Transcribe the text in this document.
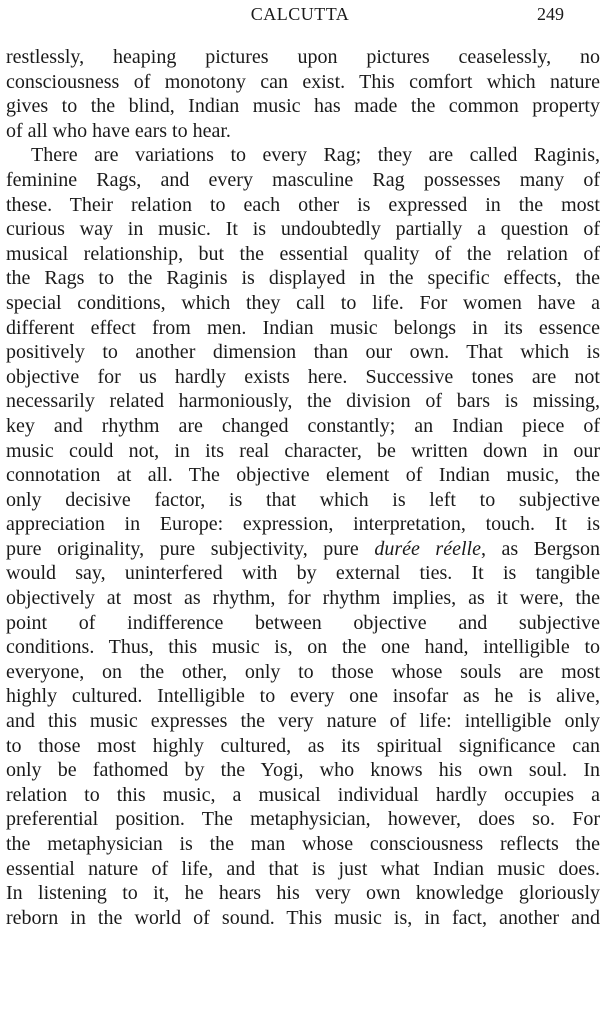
CALCUTTA	249
restlessly, heaping pictures upon pictures ceaselessly, no
consciousness of monotony can exist. This comfort which nature
gives to the blind, Indian music has made the common property
of all who have ears to hear.
There are variations to every Rag; they are called Raginis,
feminine Rags, and every masculine Rag possesses many of
these. Their relation to each other is expressed in the most
curious way in music. It is undoubtedly partially a question of
musical relationship, but the essential quality of the relation of
the Rags to the Raginis is displayed in the specific effects, the
special conditions, which they call to life. For women have a
different effect from men. Indian music belongs in its essence
positively to another dimension than our own. That which is
objective for us hardly exists here. Successive tones are not
necessarily related harmoniously, the division of bars is missing,
key and rhythm are changed constantly; an Indian piece of
music could not, in its real character, be written down in our
connotation at all. The objective element of Indian music, the
only decisive factor, is that which is left to subjective
appreciation in Europe: expression, interpretation, touch. It is
pure originality, pure subjectivity, pure durée réelle, as Bergson
would say, uninterfered with by external ties. It is tangible
objectively at most as rhythm, for rhythm implies, as it were, the
point of indifference between objective and subjective
conditions. Thus, this music is, on the one hand, intelligible to
everyone, on the other, only to those whose souls are most
highly cultured. Intelligible to every one insofar as he is alive,
and this music expresses the very nature of life: intelligible only
to those most highly cultured, as its spiritual significance can
only be fathomed by the Yogi, who knows his own soul. In
relation to this music, a musical individual hardly occupies a
preferential position. The metaphysician, however, does so. For
the metaphysician is the man whose consciousness reflects the
essential nature of life, and that is just what Indian music does.
In listening to it, he hears his very own knowledge gloriously
reborn in the world of sound. This music is, in fact, another and
